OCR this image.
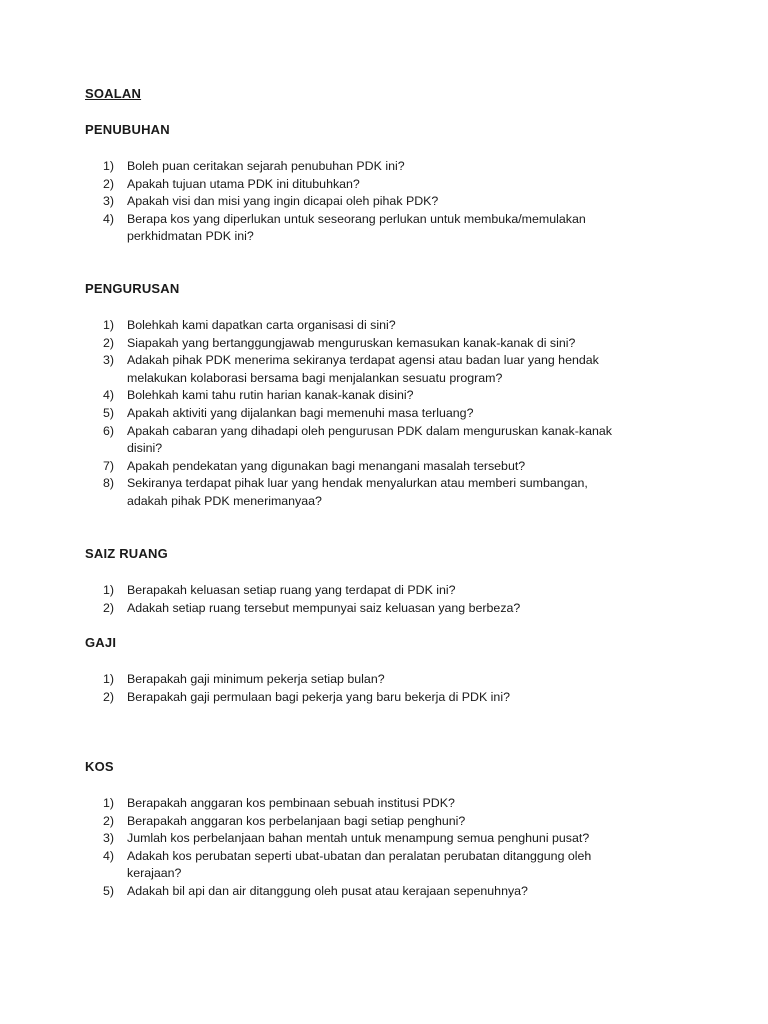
SOALAN
PENUBUHAN
1) Boleh puan ceritakan sejarah penubuhan PDK ini?
2) Apakah tujuan utama PDK ini ditubuhkan?
3) Apakah visi dan misi yang ingin dicapai oleh pihak PDK?
4) Berapa kos yang diperlukan untuk seseorang perlukan untuk membuka/memulakan perkhidmatan PDK ini?
PENGURUSAN
1) Bolehkah kami dapatkan carta organisasi di sini?
2) Siapakah yang bertanggungjawab menguruskan kemasukan kanak-kanak di sini?
3) Adakah pihak PDK menerima sekiranya terdapat agensi atau badan luar yang hendak melakukan kolaborasi bersama bagi menjalankan sesuatu program?
4) Bolehkah kami tahu rutin harian kanak-kanak disini?
5) Apakah aktiviti yang dijalankan bagi memenuhi masa terluang?
6) Apakah cabaran yang dihadapi oleh pengurusan PDK dalam menguruskan kanak-kanak disini?
7) Apakah pendekatan yang digunakan bagi menangani masalah tersebut?
8) Sekiranya terdapat pihak luar yang hendak menyalurkan atau memberi sumbangan, adakah pihak PDK menerimanyaa?
SAIZ RUANG
1) Berapakah keluasan setiap ruang yang terdapat di PDK ini?
2) Adakah setiap ruang tersebut mempunyai saiz keluasan yang berbeza?
GAJI
1) Berapakah gaji minimum pekerja setiap bulan?
2) Berapakah gaji permulaan bagi pekerja yang baru bekerja di PDK ini?
KOS
1) Berapakah anggaran kos pembinaan sebuah institusi PDK?
2) Berapakah anggaran kos perbelanjaan bagi setiap penghuni?
3) Jumlah kos perbelanjaan bahan mentah untuk menampung semua penghuni pusat?
4) Adakah kos perubatan seperti ubat-ubatan dan peralatan perubatan ditanggung oleh kerajaan?
5) Adakah bil api dan air ditanggung oleh pusat atau kerajaan sepenuhnya?
